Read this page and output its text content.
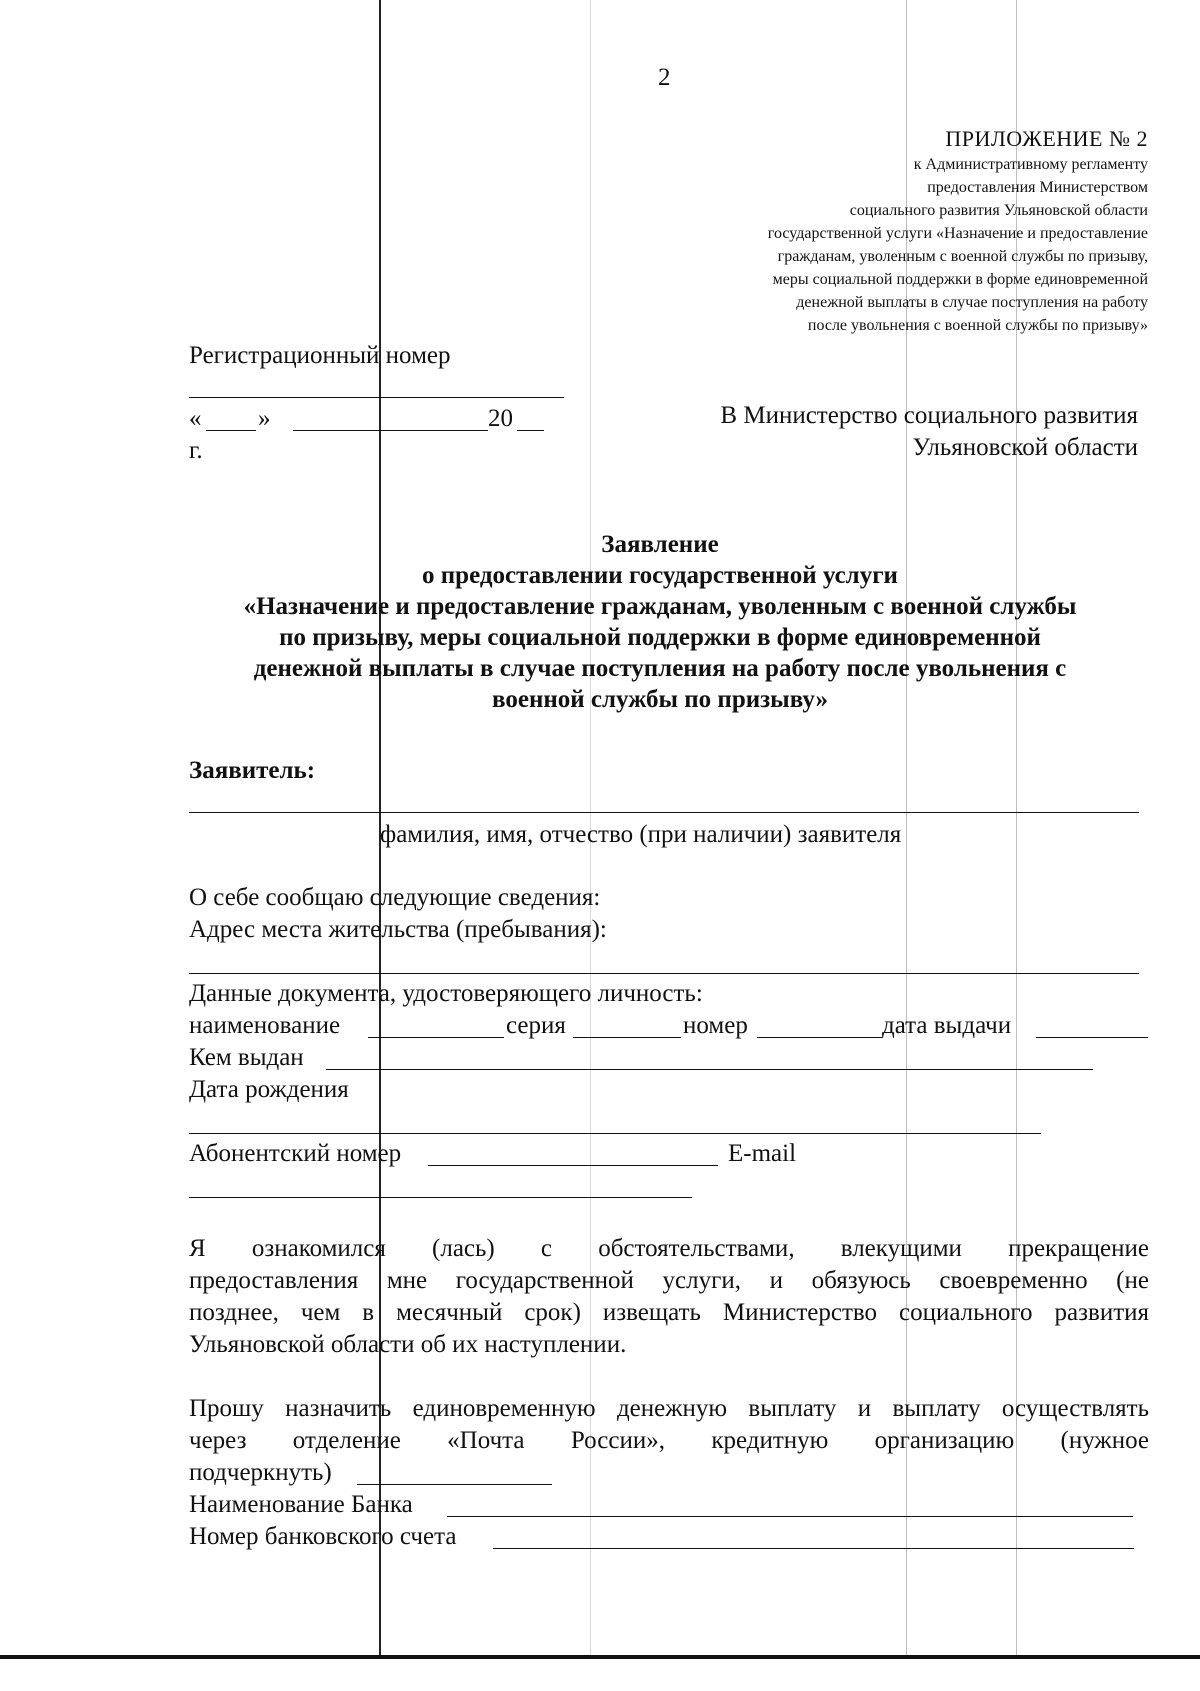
2
ПРИЛОЖЕНИЕ № 2
к Административному регламенту
предоставления Министерством
социального развития Ульяновской области
государственной услуги «Назначение и предоставление
гражданам, уволенным с военной службы по призыву,
меры социальной поддержки в форме единовременной
денежной выплаты в случае поступления на работу
после увольнения с военной службы по призыву»
Регистрационный номер
« »	20
г.
В Министерство социального развития
Ульяновской области
Заявление
о предоставлении государственной услуги
«Назначение и предоставление гражданам, уволенным с военной службы
по призыву, меры социальной поддержки в форме единовременной
денежной выплаты в случае поступления на работу после увольнения с
военной службы по призыву»
Заявитель:
фамилия, имя, отчество (при наличии) заявителя
О себе сообщаю следующие сведения:
Адрес места жительства (пребывания):
Данные документа, удостоверяющего личность:
наименование	серия	номер	дата выдачи
Кем выдан
Дата рождения
Абонентский номер	E-mail
Я ознакомился (лась) с обстоятельствами, влекущими прекращение
предоставления мне государственной услуги, и обязуюсь своевременно (не
позднее, чем в месячный срок) извещать Министерство социального развития
Ульяновской области об их наступлении.
Прошу назначить единовременную денежную выплату и выплату осуществлять
через отделение «Почта России», кредитную организацию (нужное
подчеркнуть)
Наименование Банка
Номер банковского счета
